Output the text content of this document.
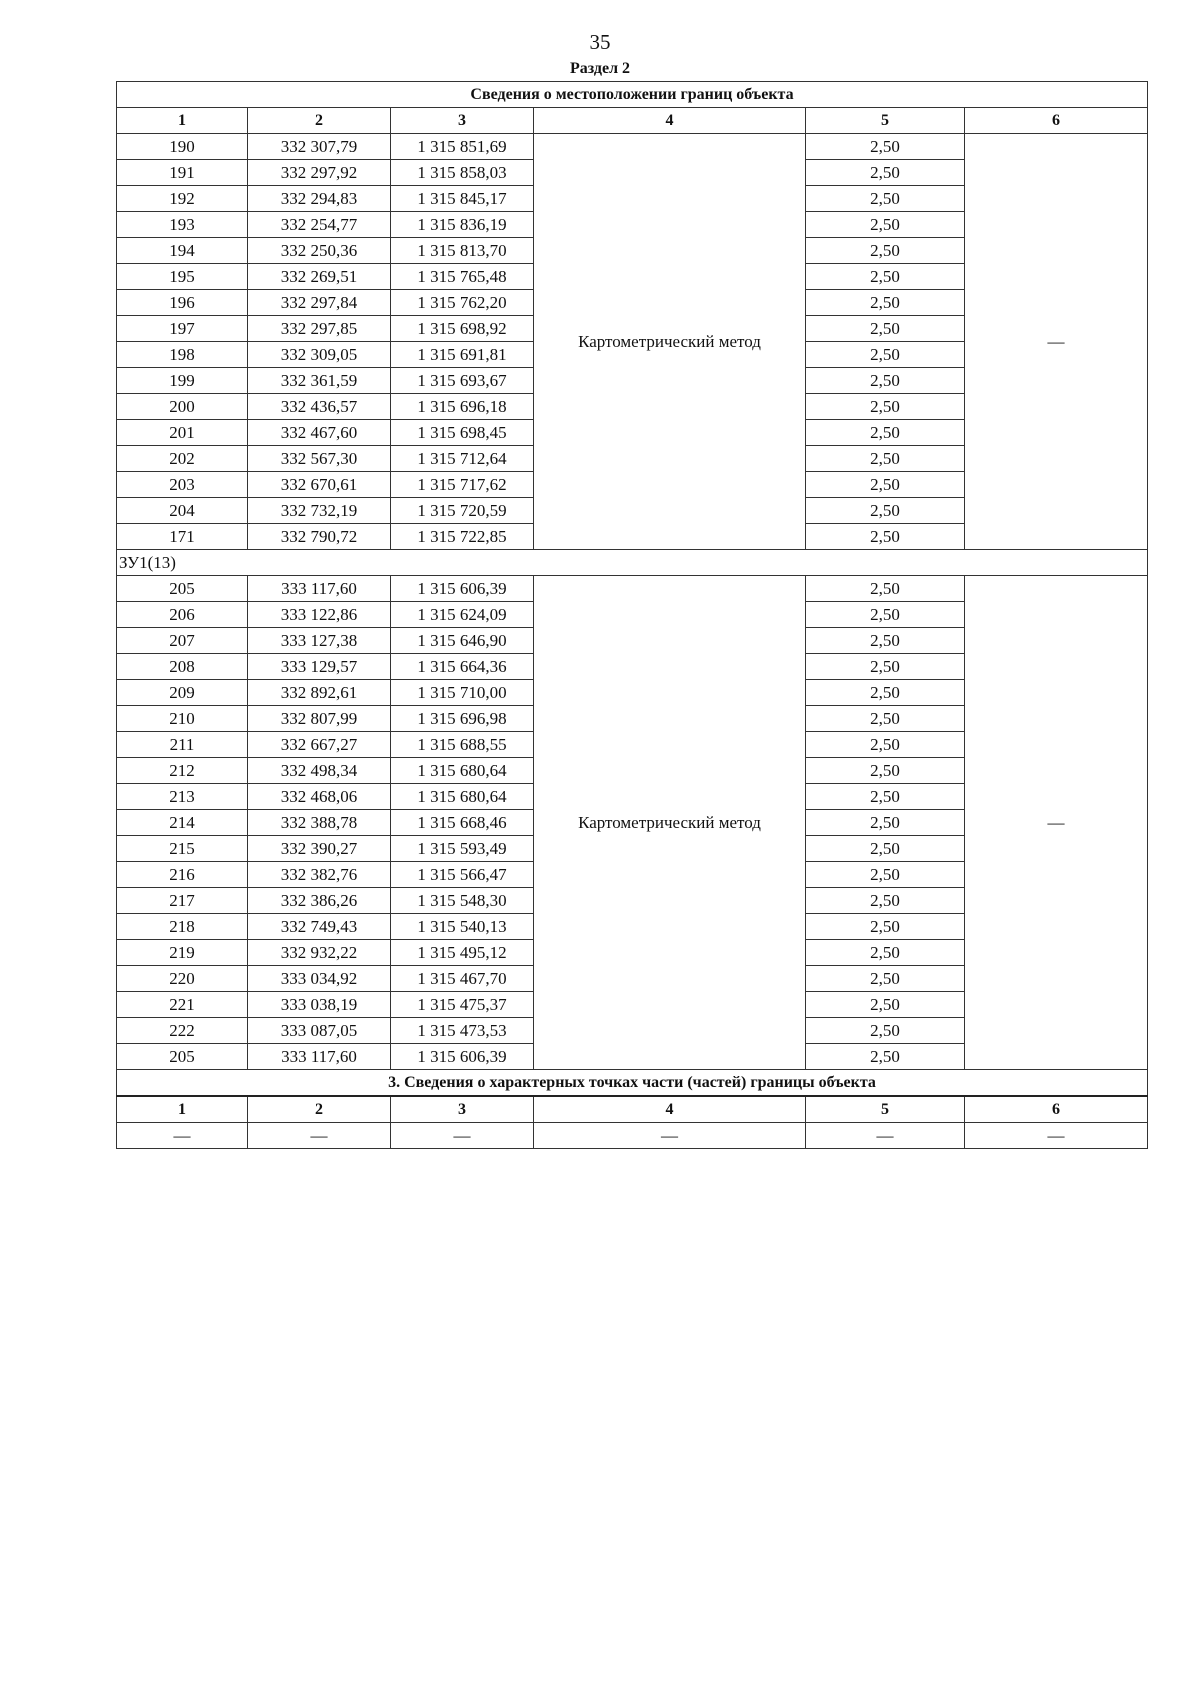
35
Раздел 2
Сведения о местоположении границ объекта					
1	2	3	4	5	6
190	332 307,79	1 315 851,69	Картометрический метод	2,50	—
191	332 297,92	1 315 858,03		2,50	
192	332 294,83	1 315 845,17		2,50	
193	332 254,77	1 315 836,19		2,50	
194	332 250,36	1 315 813,70		2,50	
195	332 269,51	1 315 765,48		2,50	
196	332 297,84	1 315 762,20		2,50	
197	332 297,85	1 315 698,92		2,50	
198	332 309,05	1 315 691,81		2,50	
199	332 361,59	1 315 693,67		2,50	
200	332 436,57	1 315 696,18		2,50	
201	332 467,60	1 315 698,45		2,50	
202	332 567,30	1 315 712,64		2,50	
203	332 670,61	1 315 717,62		2,50	
204	332 732,19	1 315 720,59		2,50	
171	332 790,72	1 315 722,85		2,50	
ЗУ1(13)					
205	333 117,60	1 315 606,39	Картометрический метод	2,50	—
206	333 122,86	1 315 624,09		2,50	
207	333 127,38	1 315 646,90		2,50	
208	333 129,57	1 315 664,36		2,50	
209	332 892,61	1 315 710,00		2,50	
210	332 807,99	1 315 696,98		2,50	
211	332 667,27	1 315 688,55		2,50	
212	332 498,34	1 315 680,64		2,50	
213	332 468,06	1 315 680,64		2,50	
214	332 388,78	1 315 668,46		2,50	
215	332 390,27	1 315 593,49		2,50	
216	332 382,76	1 315 566,47		2,50	
217	332 386,26	1 315 548,30		2,50	
218	332 749,43	1 315 540,13		2,50	
219	332 932,22	1 315 495,12		2,50	
220	333 034,92	1 315 467,70		2,50	
221	333 038,19	1 315 475,37		2,50	
222	333 087,05	1 315 473,53		2,50	
205	333 117,60	1 315 606,39		2,50	
3. Сведения о характерных точках части (частей) границы объекта					
1	2	3	4	5	6
—	—	—	—	—	—
